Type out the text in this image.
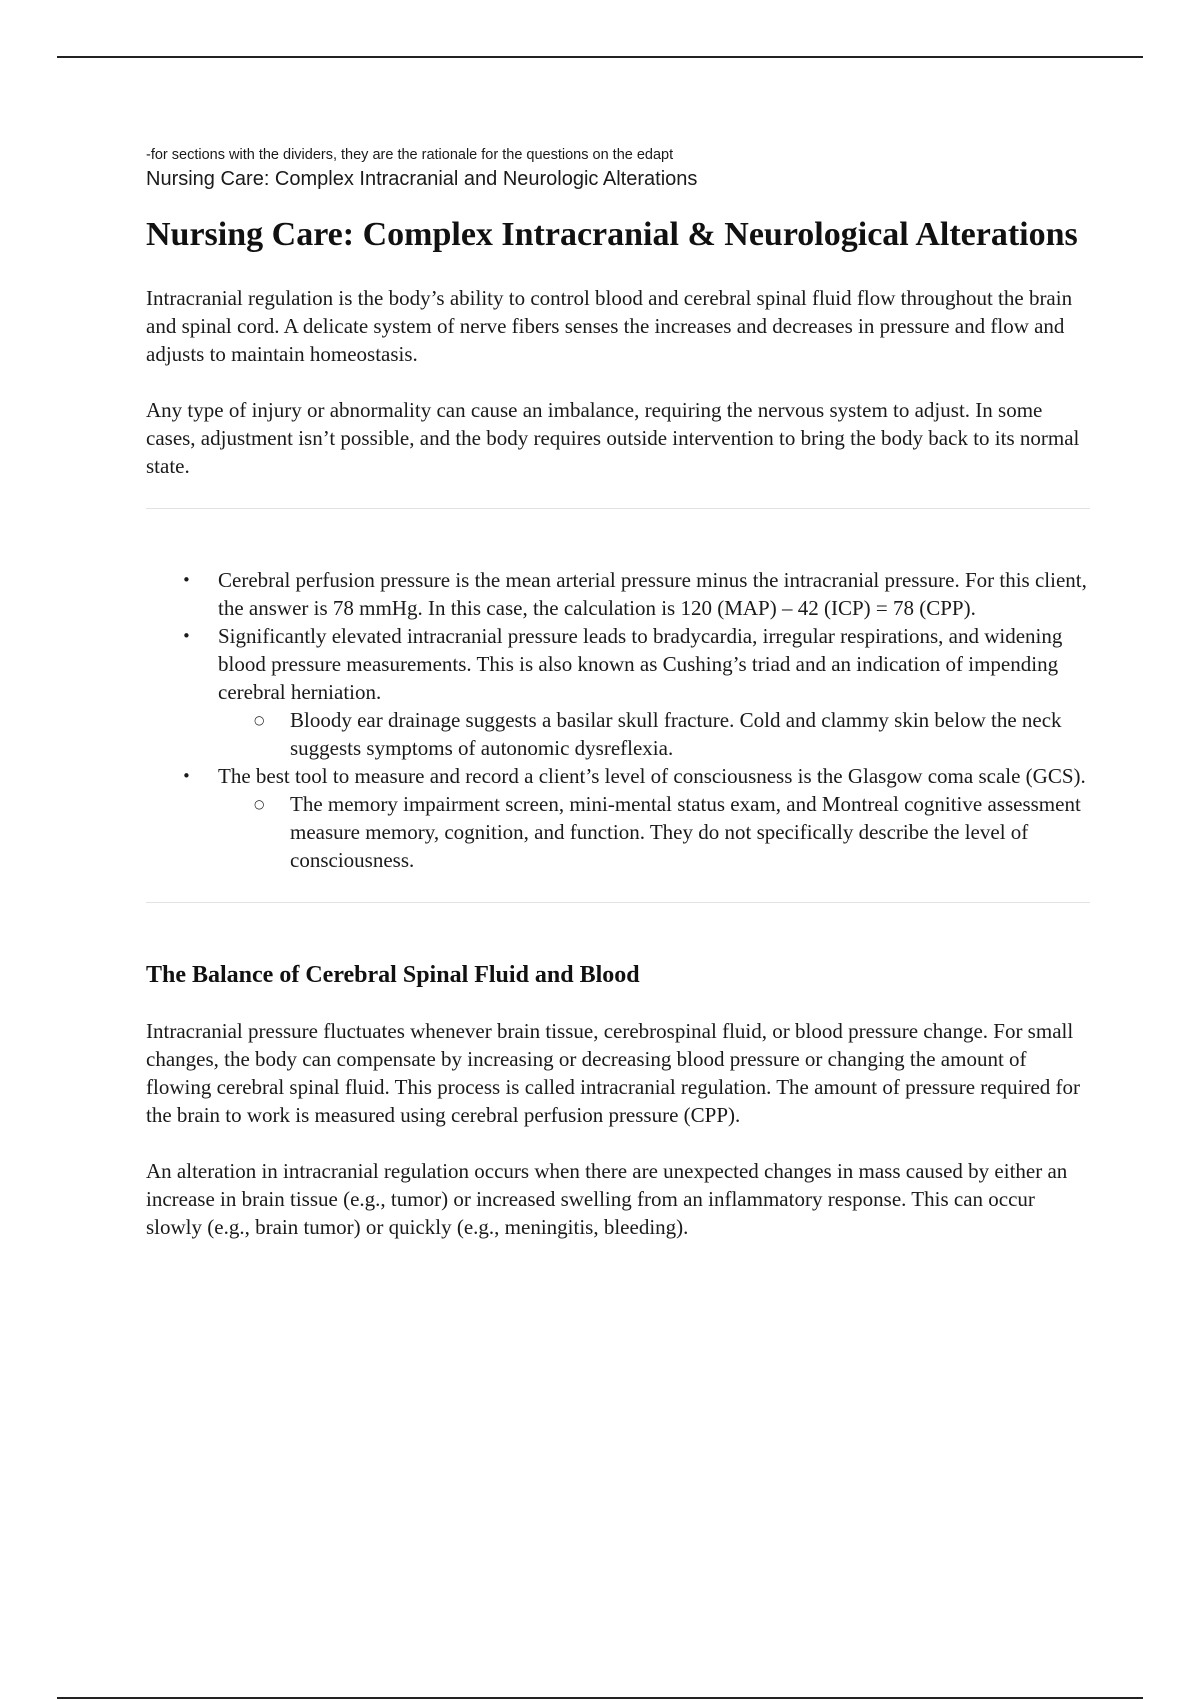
-for sections with the dividers, they are the rationale for the questions on the edapt

Nursing Care: Complex Intracranial and Neurologic Alterations

Nursing Care: Complex Intracranial & Neurological Alterations

Intracranial regulation is the body’s ability to control blood and cerebral spinal fluid flow throughout the brain and spinal cord. A delicate system of nerve fibers senses the increases and decreases in pressure and flow and adjusts to maintain homeostasis.

Any type of injury or abnormality can cause an imbalance, requiring the nervous system to adjust. In some cases, adjustment isn’t possible, and the body requires outside intervention to bring the body back to its normal state.

• Cerebral perfusion pressure is the mean arterial pressure minus the intracranial pressure. For this client, the answer is 78 mmHg. In this case, the calculation is 120 (MAP) – 42 (ICP) = 78 (CPP).
• Significantly elevated intracranial pressure leads to bradycardia, irregular respirations, and widening blood pressure measurements. This is also known as Cushing’s triad and an indication of impending cerebral herniation.
○ Bloody ear drainage suggests a basilar skull fracture. Cold and clammy skin below the neck suggests symptoms of autonomic dysreflexia.
• The best tool to measure and record a client’s level of consciousness is the Glasgow coma scale (GCS).
○ The memory impairment screen, mini-mental status exam, and Montreal cognitive assessment measure memory, cognition, and function. They do not specifically describe the level of consciousness.
The Balance of Cerebral Spinal Fluid and Blood

Intracranial pressure fluctuates whenever brain tissue, cerebrospinal fluid, or blood pressure change. For small changes, the body can compensate by increasing or decreasing blood pressure or changing the amount of flowing cerebral spinal fluid. This process is called intracranial regulation. The amount of pressure required for the brain to work is measured using cerebral perfusion pressure (CPP).

An alteration in intracranial regulation occurs when there are unexpected changes in mass caused by either an increase in brain tissue (e.g., tumor) or increased swelling from an inflammatory response. This can occur slowly (e.g., brain tumor) or quickly (e.g., meningitis, bleeding).
